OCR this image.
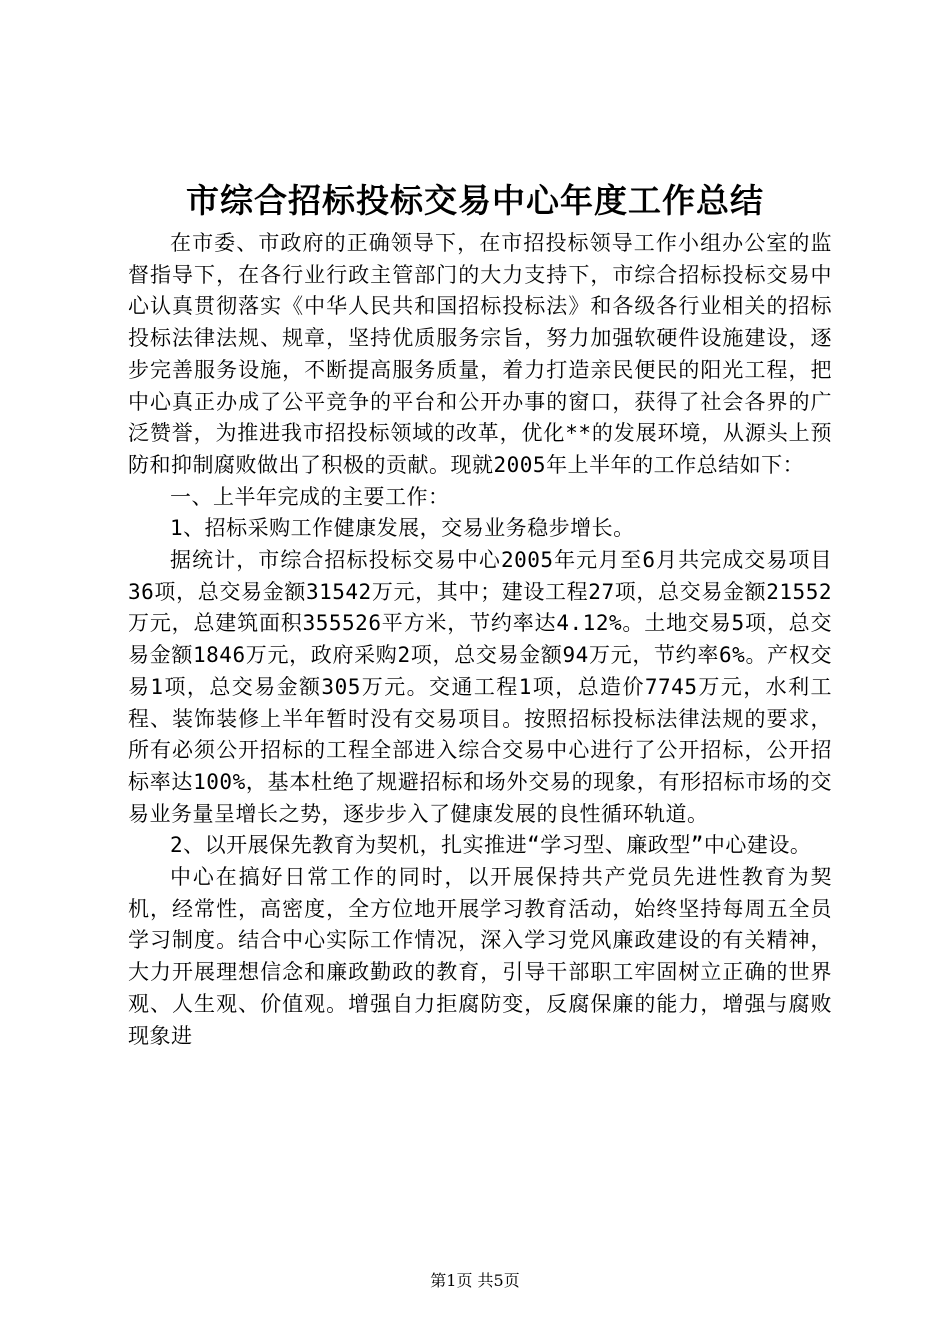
市综合招标投标交易中心年度工作总结

在市委、市政府的正确领导下，在市招投标领导工作小组办公室的监督指导下，在各行业行政主管部门的大力支持下，市综合招标投标交易中心认真贯彻落实《中华人民共和国招标投标法》和各级各行业相关的招标投标法律法规、规章，坚持优质服务宗旨，努力加强软硬件设施建设，逐步完善服务设施，不断提高服务质量，着力打造亲民便民的阳光工程，把中心真正办成了公平竞争的平台和公开办事的窗口，获得了社会各界的广泛赞誉，为推进我市招投标领域的改革，优化**的发展环境，从源头上预防和抑制腐败做出了积极的贡献。现就2005年上半年的工作总结如下：

一、上半年完成的主要工作：

1、招标采购工作健康发展，交易业务稳步增长。

据统计，市综合招标投标交易中心2005年元月至6月共完成交易项目36项，总交易金额31542万元，其中；建设工程27项，总交易金额21552万元，总建筑面积355526平方米，节约率达4.12%。土地交易5项，总交易金额1846万元，政府采购2项，总交易金额94万元，节约率6%。产权交易1项，总交易金额305万元。交通工程1项，总造价7745万元，水利工程、装饰装修上半年暂时没有交易项目。按照招标投标法律法规的要求，所有必须公开招标的工程全部进入综合交易中心进行了公开招标，公开招标率达100%，基本杜绝了规避招标和场外交易的现象，有形招标市场的交易业务量呈增长之势，逐步步入了健康发展的良性循环轨道。

2、以开展保先教育为契机，扎实推进“学习型、廉政型”中心建设。

中心在搞好日常工作的同时，以开展保持共产党员先进性教育为契机，经常性，高密度，全方位地开展学习教育活动，始终坚持每周五全员学习制度。结合中心实际工作情况，深入学习党风廉政建设的有关精神，大力开展理想信念和廉政勤政的教育，引导干部职工牢固树立正确的世界观、人生观、价值观。增强自力拒腐防变，反腐保廉的能力，增强与腐败现象进

第1页 共5页
